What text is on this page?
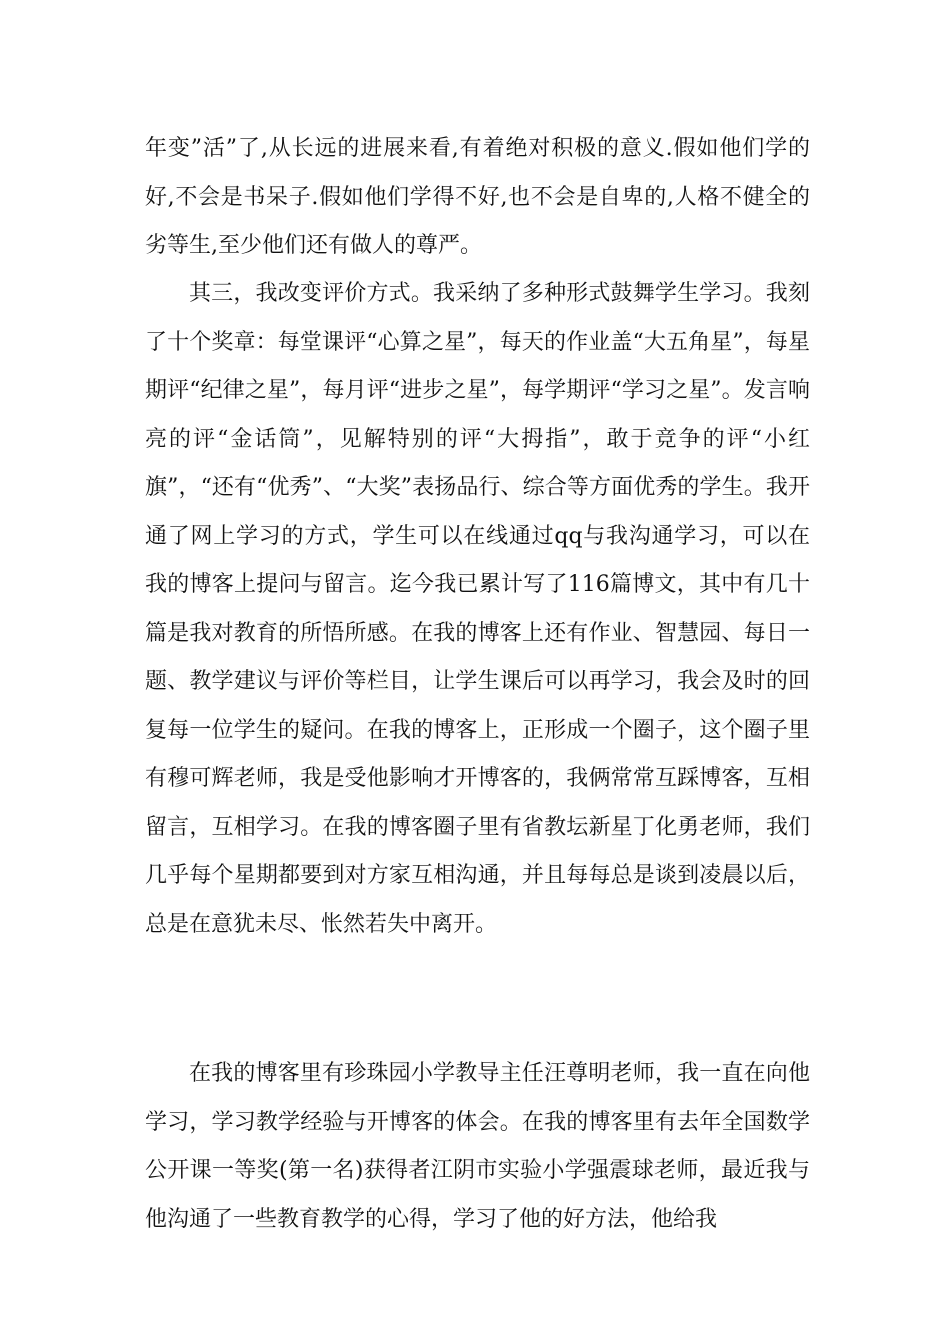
年变”活”了,从长远的进展来看,有着绝对积极的意义.假如他们学的好,不会是书呆子.假如他们学得不好,也不会是自卑的,人格不健全的劣等生,至少他们还有做人的尊严。

其三，我改变评价方式。我采纳了多种形式鼓舞学生学习。我刻了十个奖章：每堂课评“心算之星”，每天的作业盖“大五角星”，每星期评“纪律之星”，每月评“进步之星”，每学期评“学习之星”。发言响亮的评“金话筒”，见解特别的评“大拇指”，敢于竞争的评“小红旗”，“还有“优秀”、“大奖”表扬品行、综合等方面优秀的学生。我开通了网上学习的方式，学生可以在线通过qq与我沟通学习，可以在我的博客上提问与留言。迄今我已累计写了116篇博文，其中有几十篇是我对教育的所悟所感。在我的博客上还有作业、智慧园、每日一题、教学建议与评价等栏目，让学生课后可以再学习，我会及时的回复每一位学生的疑问。在我的博客上，正形成一个圈子，这个圈子里有穆可辉老师，我是受他影响才开博客的，我俩常常互踩博客，互相留言，互相学习。在我的博客圈子里有省教坛新星丁化勇老师，我们几乎每个星期都要到对方家互相沟通，并且每每总是谈到凌晨以后，总是在意犹未尽、怅然若失中离开。

在我的博客里有珍珠园小学教导主任汪尊明老师，我一直在向他学习，学习教学经验与开博客的体会。在我的博客里有去年全国数学公开课一等奖(第一名)获得者江阴市实验小学强震球老师，最近我与他沟通了一些教育教学的心得，学习了他的好方法，他给我
